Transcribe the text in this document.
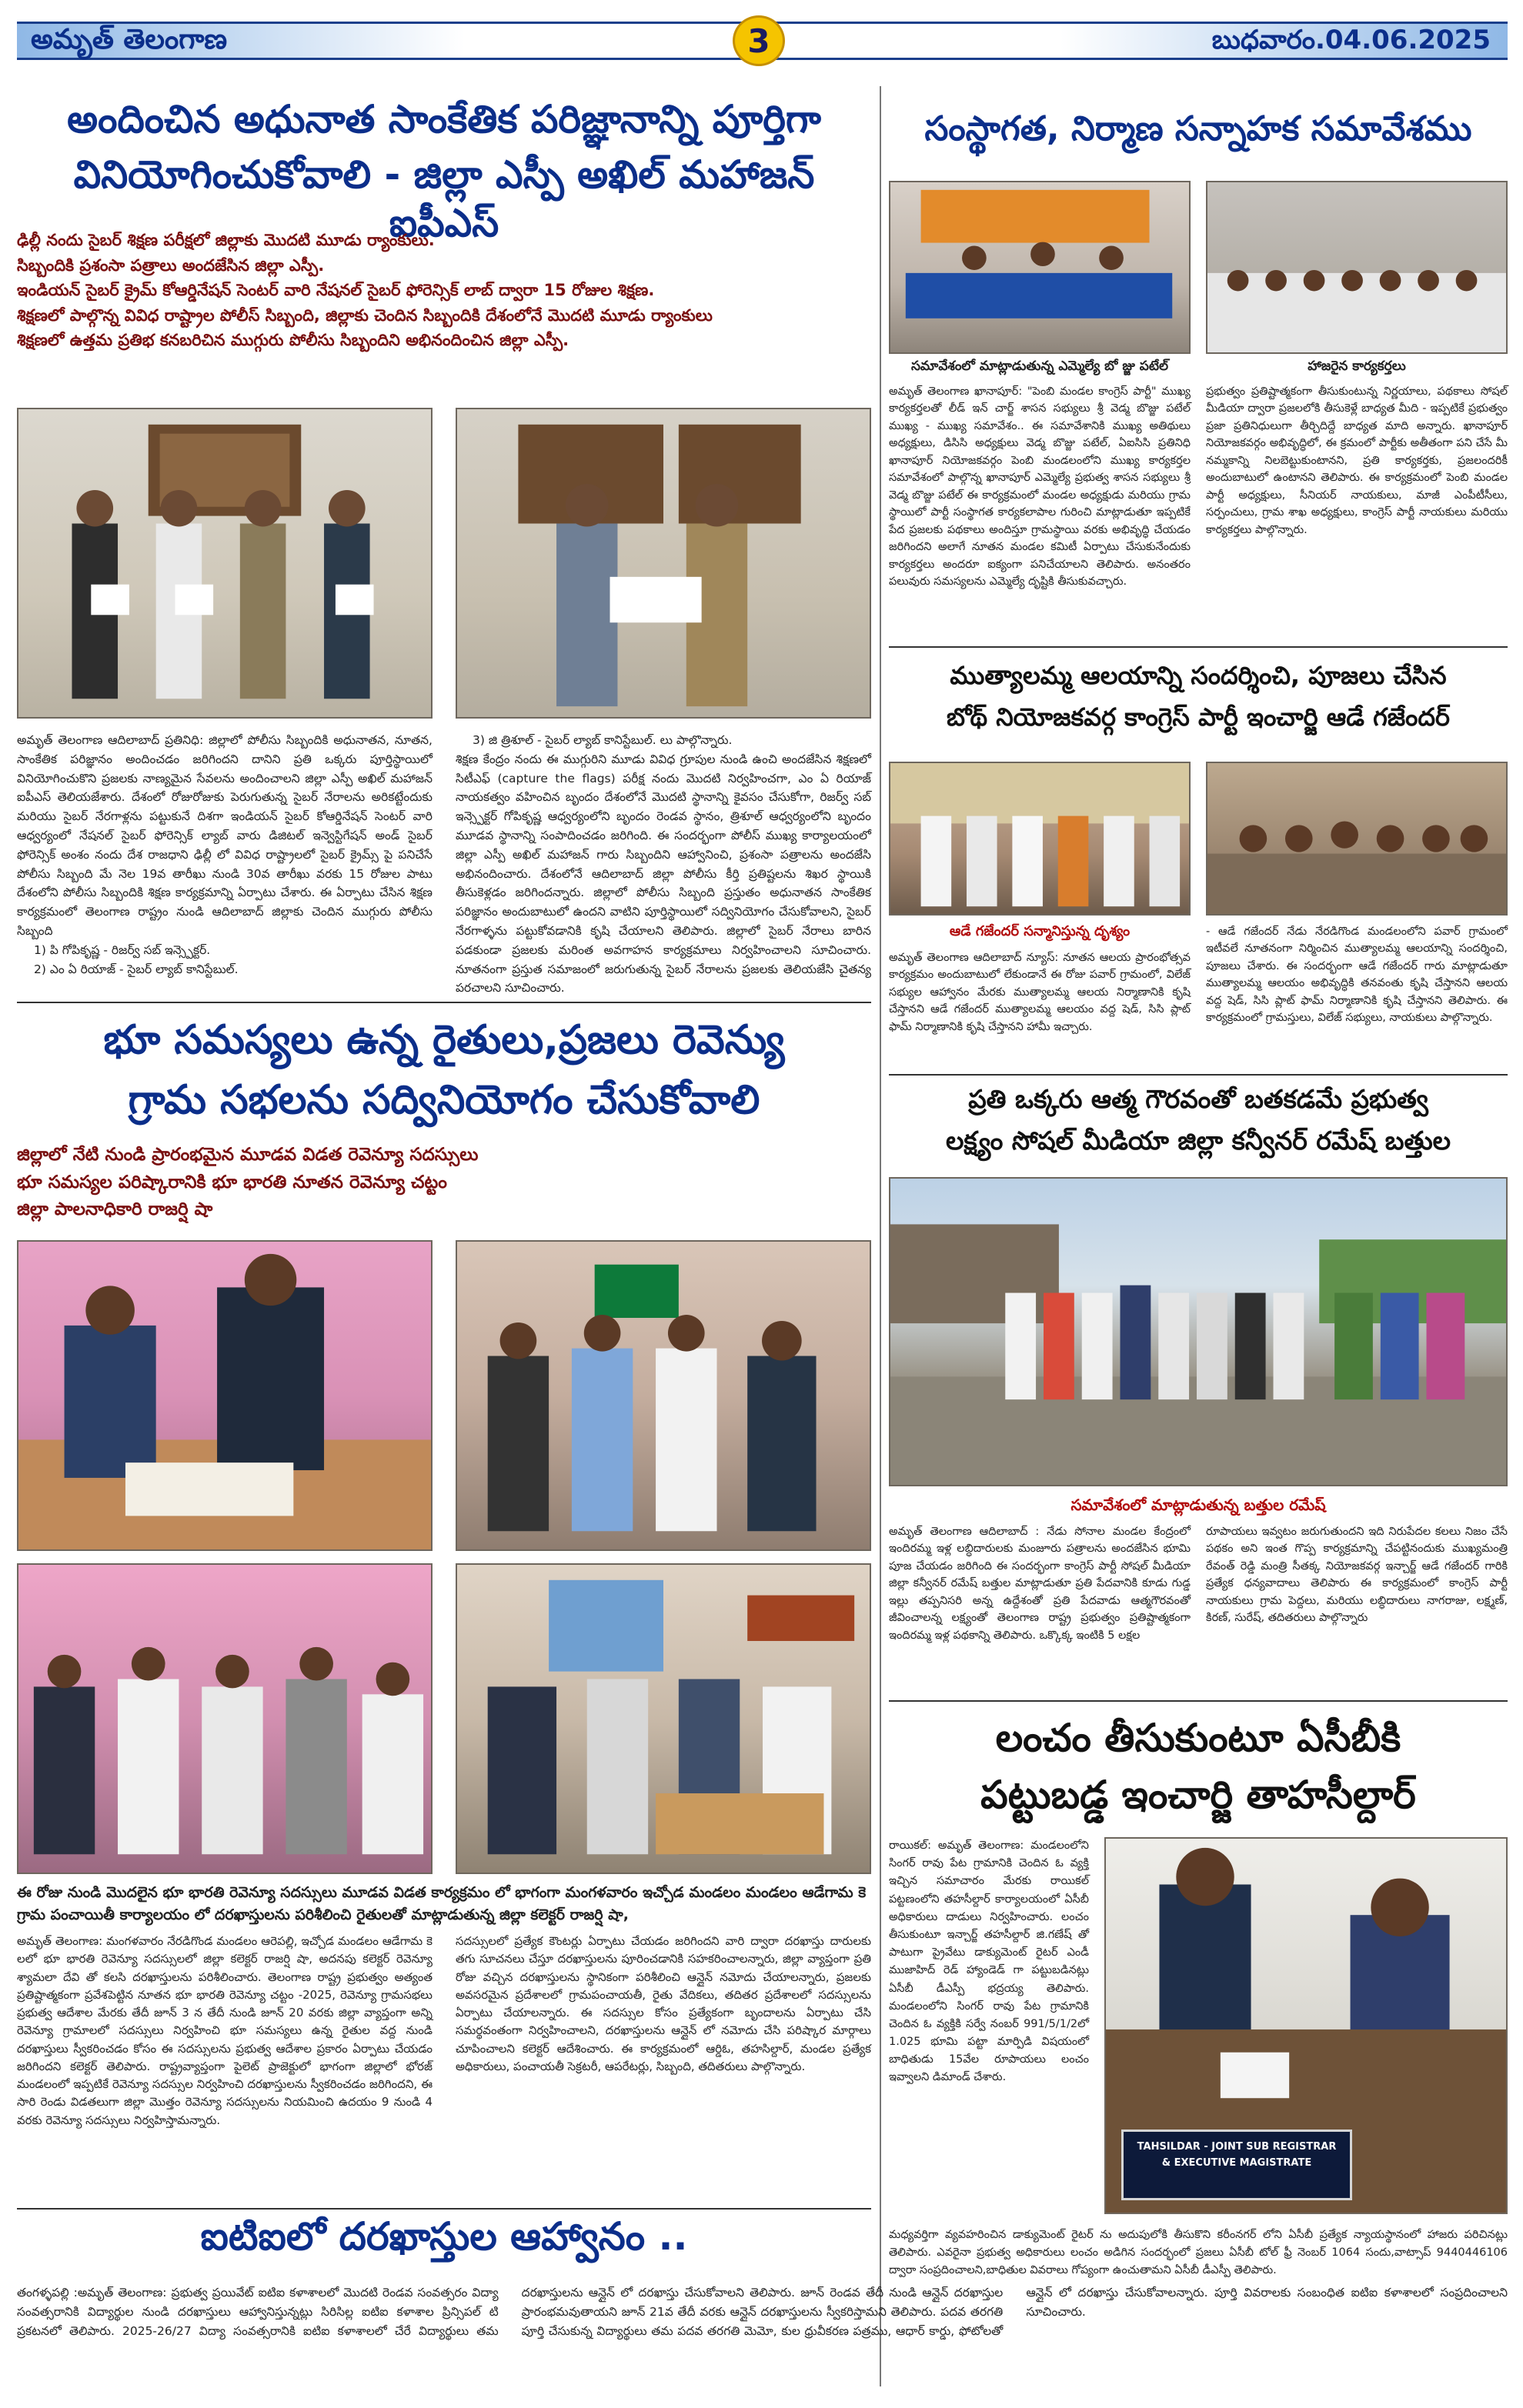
అమృత్ తెలంగాణ	3	బుధవారం.04.06.2025

అందించిన అధునాత సాంకేతిక పరిజ్ఞానాన్ని పూర్తిగా

వినియోగించుకోవాలి - జిల్లా ఎస్పీ అఖిల్ మహాజన్ ఐపీఎస్

ఢిల్లీ నందు సైబర్ శిక్షణ పరీక్షలో జిల్లాకు మొదటి మూడు ర్యాంకులు.

సిబ్బందికి ప్రశంసా పత్రాలు అందజేసిన జిల్లా ఎస్పీ.

ఇండియన్ సైబర్ క్రైమ్ కోఆర్డినేషన్ సెంటర్ వారి నేషనల్ సైబర్ ఫోరెన్సిక్ లాబ్ ద్వారా 15 రోజుల శిక్షణ.

శిక్షణలో పాల్గొన్న వివిధ రాష్ట్రాల పోలీస్ సిబ్బంది, జిల్లాకు చెందిన సిబ్బందికి దేశంలోనే మొదటి మూడు ర్యాంకులు

శిక్షణలో ఉత్తమ ప్రతిభ కనబరిచిన ముగ్గురు పోలీసు సిబ్బందిని అభినందించిన జిల్లా ఎస్పీ.

అమృత్ తెలంగాణ ఆదిలాబాద్ ప్రతినిధి: జిల్లాలో పోలీసు సిబ్బందికి అధునాతన, నూతన, సాంకేతిక పరిజ్ఞానం అందించడం జరిగిందని దానిని ప్రతి ఒక్కరు పూర్తిస్థాయిలో వినియోగించుకొని ప్రజలకు నాణ్యమైన సేవలను అందించాలని జిల్లా ఎస్పీ అఖిల్ మహాజన్ ఐపీఎస్ తెలియజేశారు. దేశంలో రోజురోజుకు పెరుగుతున్న సైబర్ నేరాలను అరికట్టేందుకు మరియు సైబర్ నేరగాళ్లను పట్టుకునే దిశగా ఇండియన్ సైబర్ కోఆర్డినేషన్ సెంటర్ వారి ఆధ్వర్యంలో నేషనల్ సైబర్ ఫోరెన్సిక్ ల్యాబ్ వారు డిజిటల్ ఇన్వెస్టిగేషన్ అండ్ సైబర్ ఫోరెన్సిక్ అంశం నందు దేశ రాజధాని ఢిల్లీ లో వివిధ రాష్ట్రాలలో సైబర్ క్రైమ్స్ పై పనిచేసే పోలీసు సిబ్బంది మే నెల 19వ తారీఖు నుండి 30వ తారీఖు వరకు 15 రోజుల పాటు దేశంలోని పోలీసు సిబ్బందికి శిక్షణ కార్యక్రమాన్ని ఏర్పాటు చేశారు. ఈ ఏర్పాటు చేసిన శిక్షణ కార్యక్రమంలో తెలంగాణ రాష్ట్రం నుండి ఆదిలాబాద్ జిల్లాకు చెందిన ముగ్గురు పోలీసు సిబ్బంది

1) పి గోపికృష్ణ - రిజర్వ్ సబ్ ఇన్స్పెక్టర్.

2) ఎం ఏ రియాజ్ - సైబర్ ల్యాబ్ కానిస్టేబుల్.

3) జి త్రిశూల్ - సైబర్ ల్యాబ్ కానిస్టేబుల్. లు పాల్గొన్నారు.

శిక్షణ కేంద్రం నందు ఈ ముగ్గురిని మూడు వివిధ గ్రూపుల నుండి ఉంచి అందజేసిన శిక్షణలో సిటీఎఫ్ (capture the flags) పరీక్ష నందు మొదటి నిర్వహించగా, ఎం ఏ రియాజ్ నాయకత్వం వహించిన బృందం దేశంలోనే మొదటి స్థానాన్ని కైవసం చేసుకోగా, రిజర్వ్ సబ్ ఇన్స్పెక్టర్ గోపికృష్ణ ఆధ్వర్యంలోని బృందం రెండవ స్థానం, త్రిశూల్ ఆధ్వర్యంలోని బృందం మూడవ స్థానాన్ని సంపాదించడం జరిగింది. ఈ సందర్భంగా పోలీస్ ముఖ్య కార్యాలయంలో జిల్లా ఎస్పీ అఖిల్ మహాజన్ గారు సిబ్బందిని ఆహ్వానించి, ప్రశంసా పత్రాలను అందజేసి అభినందించారు. దేశంలోనే ఆదిలాబాద్ జిల్లా పోలీసు కీర్తి ప్రతిష్టలను శిఖర స్థాయికి తీసుకెళ్లడం జరిగిందన్నారు. జిల్లాలో పోలీసు సిబ్బంది ప్రస్తుతం అధునాతన సాంకేతిక పరిజ్ఞానం అందుబాటులో ఉందని వాటిని పూర్తిస్థాయిలో సద్వినియోగం చేసుకోవాలని, సైబర్ నేరగాళ్ళను పట్టుకోవడానికి కృషి చేయాలని తెలిపారు. జిల్లాలో సైబర్ నేరాలు బారిన పడకుండా ప్రజలకు మరింత అవగాహన కార్యక్రమాలు నిర్వహించాలని సూచించారు. నూతనంగా ప్రస్తుత సమాజంలో జరుగుతున్న సైబర్ నేరాలను ప్రజలకు తెలియజేసి చైతన్య పరచాలని సూచించారు.

భూ సమస్యలు ఉన్న రైతులు,ప్రజలు రెవెన్యు

గ్రామ సభలను సద్వినియోగం చేసుకోవాలి

జిల్లాలో నేటి నుండి ప్రారంభమైన మూడవ విడత రెవెన్యూ సదస్సులు

భూ సమస్యల పరిష్కారానికి భూ భారతి నూతన రెవెన్యూ చట్టం

జిల్లా పాలనాధికారి రాజర్షి షా

ఈ రోజు నుండి మొదలైన భూ భారతి రెవెన్యూ సదస్సులు మూడవ విడత కార్యక్రమం లో భాగంగా మంగళవారం ఇచ్చోడ మండలం మండలం ఆడేగామ కె గ్రామ పంచాయితీ కార్యాలయం లో దరఖాస్తులను పరిశీలించి రైతులతో మాట్లాడుతున్న జిల్లా కలెక్టర్ రాజర్షి షా,

అమృత్ తెలంగాణ: మంగళవారం నేరడిగొండ మండలం ఆరెపల్లి, ఇచ్చోడ మండలం ఆడేగామ కె లలో భూ భారతి రెవెన్యూ సదస్సులలో జిల్లా కలెక్టర్ రాజర్షి షా, అదనపు కలెక్టర్ రెవెన్యూ శ్యామలా దేవి తో కలసి దరఖాస్తులను పరిశీలించారు. తెలంగాణ రాష్ట్ర ప్రభుత్వం అత్యంత ప్రతిష్టాత్మకంగా ప్రవేశపెట్టిన నూతన భూ భారతి రెవెన్యూ చట్టం -2025, రెవెన్యూ గ్రామసభలు ప్రభుత్వ ఆదేశాల మేరకు తేదీ జూన్ 3 న తేదీ నుండి జూన్ 20 వరకు జిల్లా వ్యాప్తంగా అన్ని రెవెన్యూ గ్రామాలలో సదస్సులు నిర్వహించి భూ సమస్యలు ఉన్న రైతుల వద్ద నుండి దరఖాస్తులు స్వీకరించడం కోసం ఈ సదస్సులను ప్రభుత్వ ఆదేశాల ప్రకారం ఏర్పాటు చేయడం జరిగిందని కలెక్టర్ తెలిపారు. రాష్ట్రవ్యాప్తంగా పైలెట్ ప్రాజెక్టులో భాగంగా జిల్లాలో భోరజ్ మండలంలో ఇప్పటికే రెవెన్యూ సదస్సుల నిర్వహించి దరఖాస్తులను స్వీకరించడం జరిగిందని, ఈ సారి రెండు విడతలుగా జిల్లా మొత్తం రెవెన్యూ సదస్సులను నియమించి ఉదయం 9 నుండి 4 వరకు రెవెన్యూ సదస్సులు నిర్వహిస్తామన్నారు.

సదస్సులలో ప్రత్యేక కౌంటర్లు ఏర్పాటు చేయడం జరిగిందని వారి ద్వారా దరఖాస్తు దారులకు తగు సూచనలు చేస్తూ దరఖాస్తులను పూరించడానికి సహకరించాలన్నారు, జిల్లా వ్యాప్తంగా ప్రతి రోజు వచ్చిన దరఖాస్తులను స్థానికంగా పరిశీలించి ఆన్లైన్ నమోదు చేయాలన్నారు, ప్రజలకు అవసరమైన ప్రదేశాలలో గ్రామపంచాయతీ, రైతు వేదికలు, తదితర ప్రదేశాలలో సదస్సులను ఏర్పాటు చేయాలన్నారు. ఈ సదస్సుల కోసం ప్రత్యేకంగా బృందాలను ఏర్పాటు చేసి సమర్థవంతంగా నిర్వహించాలని, దరఖాస్తులను ఆన్లైన్ లో నమోదు చేసి పరిష్కార మార్గాలు చూపించాలని కలెక్టర్ ఆదేశించారు. ఈ కార్యక్రమంలో ఆర్డిఓ, తహసిల్దార్, మండల ప్రత్యేక అధికారులు, పంచాయతీ సెక్రటరీ, ఆపరేటర్లు, సిబ్బంది, తదితరులు పాల్గొన్నారు.

ఐటిఐలో దరఖాస్తుల ఆహ్వానం ..

తంగళ్ళపల్లి :అమృత్ తెలంగాణ: ప్రభుత్వ ప్రయివేట్ ఐటిఐ కళాశాలలో మొదటి రెండవ సంవత్సరం విద్యా సంవత్సరానికి విద్యార్థుల నుండి దరఖాస్తులు ఆహ్వానిస్తున్నట్లు సిరిసిల్ల ఐటిఐ కళాశాల ప్రిన్సిపల్ టి ప్రకటనలో తెలిపారు. 2025-26/27 విద్యా సంవత్సరానికి ఐటిఐ కళాశాలలో చేరే విద్యార్థులు తమ దరఖాస్తులను ఆన్లైన్ లో దరఖాస్తు చేసుకోవాలని తెలిపారు. జూన్ రెండవ తేదీ నుండి ఆన్లైన్ దరఖాస్తుల ప్రారంభమవుతాయని జూన్ 21వ తేదీ వరకు ఆన్లైన్ దరఖాస్తులను స్వీకరిస్తామని తెలిపారు. పదవ తరగతి పూర్తి చేసుకున్న విద్యార్థులు తమ పదవ తరగతి మెమో, కుల ధ్రువీకరణ పత్రము, ఆధార్ కార్డు, ఫోటోలతో ఆన్లైన్ లో దరఖాస్తు చేసుకోవాలన్నారు. పూర్తి వివరాలకు సంబంధిత ఐటిఐ కళాశాలలో సంప్రదించాలని సూచించారు.

సంస్థాగత, నిర్మాణ సన్నాహక సమావేశము

సమావేశంలో మాట్లాడుతున్న ఎమ్మెల్యే బో జ్జు పటేల్	హాజరైన కార్యకర్తలు

అమృత్ తెలంగాణ ఖానాపూర్: "పెంబి మండల కాంగ్రెస్ పార్టీ" ముఖ్య కార్యకర్తలతో లీడ్ ఇన్ చార్జ్ శాసన సభ్యులు శ్రీ వెడ్మ బొజ్జు పటేల్ ముఖ్య - ముఖ్య సమావేశం.. ఈ సమావేశానికి ముఖ్య అతిథులు అధ్యక్షులు, డిసిసి అధ్యక్షులు వెడ్మ బొజ్జు పటేల్, ఏఐసిసి ప్రతినిధి ఖానాపూర్ నియోజకవర్గం పెంబి మండలంలోని ముఖ్య కార్యకర్తల సమావేశంలో పాల్గొన్న ఖానాపూర్ ఎమ్మెల్యే ప్రభుత్వ శాసన సభ్యులు శ్రీ వెడ్మ బొజ్జు పటేల్ ఈ కార్యక్రమంలో మండల అధ్యక్షుడు మరియు గ్రామ స్థాయిలో పార్టీ సంస్థాగత కార్యకలాపాల గురించి మాట్లాడుతూ ఇప్పటికే పేద ప్రజలకు పథకాలు అందిస్తూ గ్రామస్థాయి వరకు అభివృద్ధి చేయడం జరిగిందని అలాగే నూతన మండల కమిటీ ఏర్పాటు చేసుకునేందుకు కార్యకర్తలు అందరూ ఐక్యంగా పనిచేయాలని తెలిపారు. అనంతరం పలువురు సమస్యలను ఎమ్మెల్యే దృష్టికి తీసుకువచ్చారు.

ప్రభుత్వం ప్రతిష్టాత్మకంగా తీసుకుంటున్న నిర్ణయాలు, పథకాలు సోషల్ మీడియా ద్వారా ప్రజలలోకి తీసుకెళ్లే బాధ్యత మీది - ఇప్పటికే ప్రభుత్వం ప్రజా ప్రతినిధులుగా తీర్చిదిద్దే బాధ్యత మాది అన్నారు. ఖానాపూర్ నియోజకవర్గం అభివృద్ధిలో, ఈ క్రమంలో పార్టీకు అతీతంగా పని చేసే మీ నమ్మకాన్ని నిలబెట్టుకుంటానని, ప్రతి కార్యకర్తకు, ప్రజలందరికీ అందుబాటులో ఉంటానని తెలిపారు. ఈ కార్యక్రమంలో పెంబి మండల పార్టీ అధ్యక్షులు, సీనియర్ నాయకులు, మాజీ ఎంపీటీసీలు, సర్పంచులు, గ్రామ శాఖ అధ్యక్షులు, కాంగ్రెస్ పార్టీ నాయకులు మరియు కార్యకర్తలు పాల్గొన్నారు.

ముత్యాలమ్మ ఆలయాన్ని సందర్శించి, పూజలు చేసిన

బోథ్ నియోజకవర్గ కాంగ్రెస్ పార్టీ ఇంచార్జి ఆడే గజేందర్

ఆడే గజేందర్ సన్మానిస్తున్న దృశ్యం

అమృత్ తెలంగాణ ఆదిలాబాద్ న్యూస్: నూతన ఆలయ ప్రారంభోత్సవ కార్యక్రమం అందుబాటులో లేకుండానే ఈ రోజు పవార్ గ్రామంలో, విలేజ్ సభ్యుల ఆహ్వానం మేరకు ముత్యాలమ్మ ఆలయ నిర్మాణానికి కృషి చేస్తానని ఆడే గజేందర్ ముత్యాలమ్మ ఆలయం వద్ద షెడ్, సిసి ప్లాట్ ఫామ్ నిర్మాణానికి కృషి చేస్తానని హామీ ఇచ్చారు.

- ఆడే గజేందర్ నేడు నేరడిగొండ మండలంలోని పవార్ గ్రామంలో ఇటీవలే నూతనంగా నిర్మించిన ముత్యాలమ్మ ఆలయాన్ని సందర్శించి, పూజలు చేశారు. ఈ సందర్భంగా ఆడే గజేందర్ గారు మాట్లాడుతూ ముత్యాలమ్మ ఆలయం అభివృద్ధికి తనవంతు కృషి చేస్తానని ఆలయ వద్ద షెడ్, సిసి ప్లాట్ ఫామ్ నిర్మాణానికి కృషి చేస్తానని తెలిపారు. ఈ కార్యక్రమంలో గ్రామస్తులు, విలేజ్ సభ్యులు, నాయకులు పాల్గొన్నారు.

ప్రతి ఒక్కరు ఆత్మ గౌరవంతో బతకడమే ప్రభుత్వ

లక్ష్యం సోషల్ మీడియా జిల్లా కన్వీనర్ రమేష్ బత్తుల

సమావేశంలో మాట్లాడుతున్న బత్తుల రమేష్

అమృత్ తెలంగాణ ఆదిలాబాద్ : నేడు సోనాల మండల కేంద్రంలో ఇందిరమ్మ ఇళ్ల లబ్ధిదారులకు మంజూరు పత్రాలను అందజేసిన భూమి పూజ చేయడం జరిగింది ఈ సందర్భంగా కాంగ్రెస్ పార్టీ సోషల్ మీడియా జిల్లా కన్వీనర్ రమేష్ బత్తుల మాట్లాడుతూ ప్రతి పేదవానికి కూడు గుడ్డ ఇల్లు తప్పనిసరి అన్న ఉద్దేశంతో ప్రతి పేదవాడు ఆత్మగౌరవంతో జీవించాలన్న లక్ష్యంతో తెలంగాణ రాష్ట్ర ప్రభుత్వం ప్రతిష్టాత్మకంగా ఇందిరమ్మ ఇళ్ల పథకాన్ని తెలిపారు. ఒక్కొక్క ఇంటికి 5 లక్షల

రూపాయలు ఇవ్వటం జరుగుతుందని ఇది నిరుపేదల కలలు నిజం చేసే పథకం అని ఇంత గొప్ప కార్యక్రమాన్ని చేపట్టినందుకు ముఖ్యమంత్రి రేవంత్ రెడ్డి మంత్రి సీతక్క నియోజకవర్గ ఇన్చార్జ్ ఆడే గజేందర్ గారికి ప్రత్యేక ధన్యవాదాలు తెలిపారు ఈ కార్యక్రమంలో కాంగ్రెస్ పార్టీ నాయకులు గ్రామ పెద్దలు, మరియు లబ్ధిదారులు నాగరాజు, లక్ష్మణ్, కిరణ్, సురేష్, తదితరులు పాల్గొన్నారు

లంచం తీసుకుంటూ ఏసీబీకి

పట్టుబడ్డ ఇంచార్జి తాహసీల్దార్

రాయికల్: అమృత్ తెలంగాణ: మండలంలోని సింగర్ రావు పేట గ్రామానికి చెందిన ఓ వ్యక్తి ఇచ్చిన సమాచారం మేరకు రాయికల్ పట్టణంలోని తహసీల్దార్ కార్యాలయంలో ఏసీబీ అధికారులు దాడులు నిర్వహించారు. లంచం తీసుకుంటూ ఇన్చార్జ్ తహసీల్దార్ జి.గణేష్ తో పాటుగా ప్రైవేటు డాక్యుమెంట్ రైటర్ ఎండీ ముజాహిద్ రెడ్ హ్యాండెడ్ గా పట్టుబడినట్లు ఏసీబీ డీఎస్పీ భద్రయ్య తెలిపారు. మండలంలోని సింగర్ రావు పేట గ్రామానికి చెందిన ఓ వ్యక్తికి సర్వే నంబర్ 991/5/1/2లో 1.025 భూమి పట్టా మార్పిడి విషయంలో బాధితుడు 15వేల రూపాయలు లంచం ఇవ్వాలని డిమాండ్ చేశారు.

TAHSILDAR - JOINT SUB REGISTRAR
& EXECUTIVE MAGISTRATE

మధ్యవర్తిగా వ్యవహరించిన డాక్యుమెంట్ రైటర్ ను అదుపులోకి తీసుకొని కరీంనగర్ లోని ఏసీబీ ప్రత్యేక న్యాయస్థానంలో హాజరు పరిచినట్లు తెలిపారు. ఎవరైనా ప్రభుత్వ అధికారులు లంచం అడిగిన సందర్భంలో ప్రజలు ఏసీబీ టోల్ ఫ్రీ నెంబర్ 1064 సందు,వాట్సాప్ 9440446106 ద్వారా సంప్రదించాలని,బాధితుల వివరాలు గోప్యంగా ఉంచుతామని ఏసీబీ డీఎస్పీ తెలిపారు.
